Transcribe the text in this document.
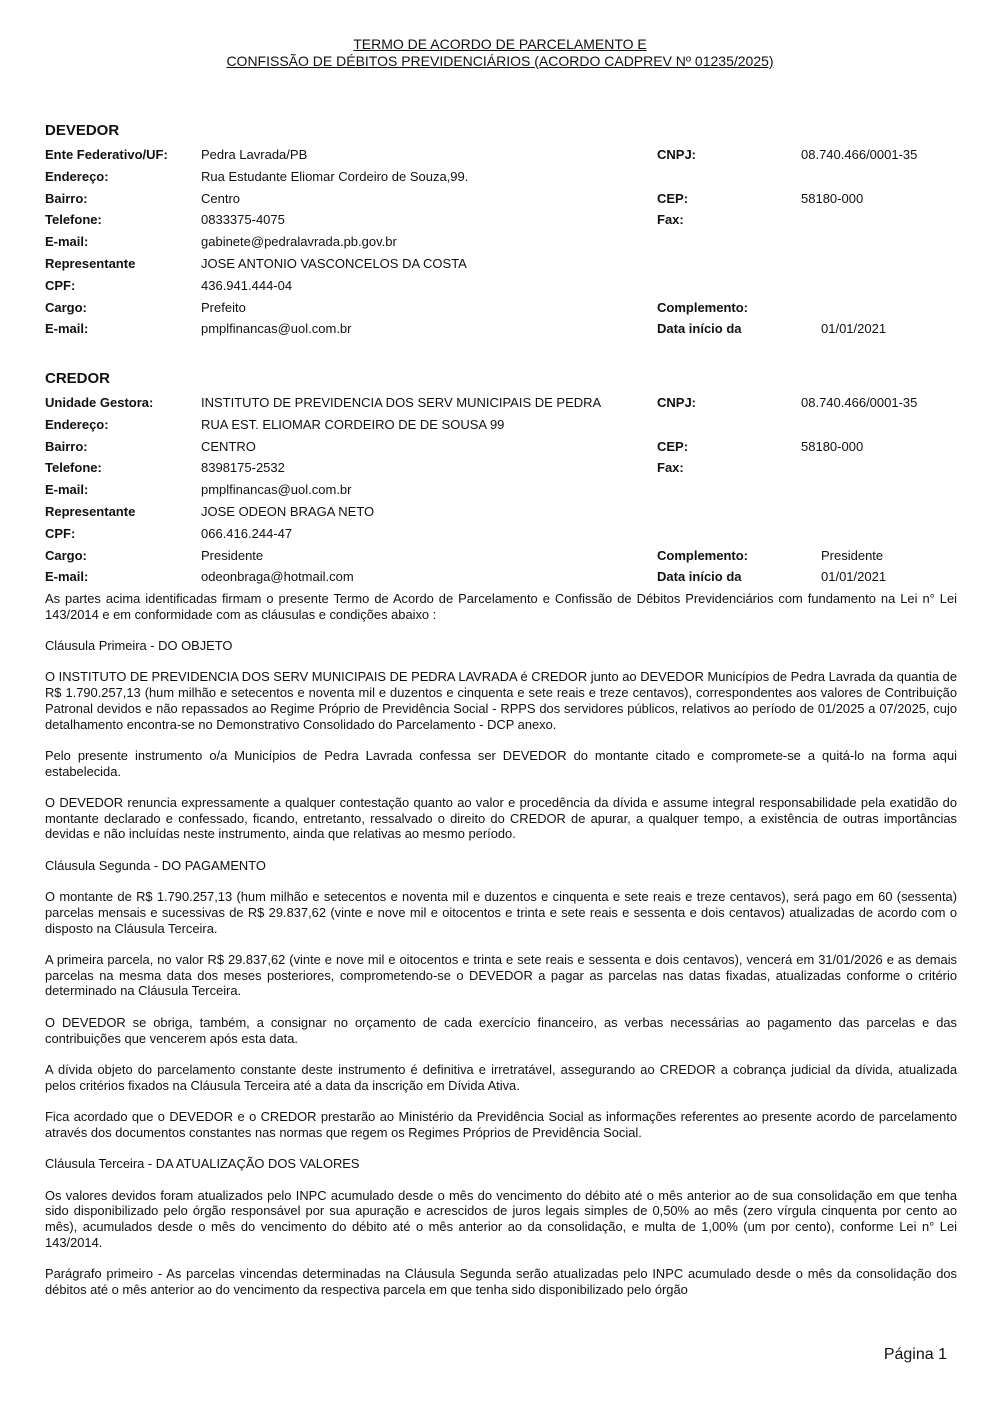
TERMO DE ACORDO DE PARCELAMENTO E
CONFISSÃO DE DÉBITOS PREVIDENCIÁRIOS (ACORDO CADPREV Nº 01235/2025)
DEVEDOR
Ente Federativo/UF:	Pedra Lavrada/PB	CNPJ:	08.740.466/0001-35
Endereço:	Rua Estudante Eliomar Cordeiro de Souza,99.
Bairro:	Centro	CEP:	58180-000
Telefone:	0833375-4075	Fax:
E-mail:	gabinete@pedralavrada.pb.gov.br
Representante	JOSE ANTONIO VASCONCELOS DA COSTA
CPF:	436.941.444-04
Cargo:	Prefeito	Complemento:
E-mail:	pmplfinancas@uol.com.br	Data início da	01/01/2021
CREDOR
Unidade Gestora:	INSTITUTO DE PREVIDENCIA DOS SERV MUNICIPAIS DE PEDRA	CNPJ:	08.740.466/0001-35
Endereço:	RUA EST. ELIOMAR CORDEIRO DE DE SOUSA 99
Bairro:	CENTRO	CEP:	58180-000
Telefone:	8398175-2532	Fax:
E-mail:	pmplfinancas@uol.com.br
Representante	JOSE ODEON BRAGA NETO
CPF:	066.416.244-47
Cargo:	Presidente	Complemento:	Presidente
E-mail:	odeonbraga@hotmail.com	Data início da	01/01/2021

As partes acima identificadas firmam o presente Termo de Acordo de Parcelamento e Confissão de Débitos Previdenciários com fundamento na Lei n° Lei 143/2014 e em conformidade com as cláusulas e condições abaixo :

Cláusula Primeira - DO OBJETO

O INSTITUTO DE PREVIDENCIA DOS SERV MUNICIPAIS DE PEDRA LAVRADA é CREDOR junto ao DEVEDOR Municípios de Pedra Lavrada da quantia de R$ 1.790.257,13 (hum milhão e setecentos e noventa mil e duzentos e cinquenta e sete reais e treze centavos), correspondentes aos valores de Contribuição Patronal devidos e não repassados ao Regime Próprio de Previdência Social - RPPS dos servidores públicos, relativos ao período de 01/2025 a 07/2025, cujo detalhamento encontra-se no Demonstrativo Consolidado do Parcelamento - DCP anexo.

Pelo presente instrumento o/a Municípios de Pedra Lavrada confessa ser DEVEDOR do montante citado e compromete-se a quitá-lo na forma aqui estabelecida.

O DEVEDOR renuncia expressamente a qualquer contestação quanto ao valor e procedência da dívida e assume integral responsabilidade pela exatidão do montante declarado e confessado, ficando, entretanto, ressalvado o direito do CREDOR de apurar, a qualquer tempo, a existência de outras importâncias devidas e não incluídas neste instrumento, ainda que relativas ao mesmo período.

Cláusula Segunda - DO PAGAMENTO

O montante de R$ 1.790.257,13 (hum milhão e setecentos e noventa mil e duzentos e cinquenta e sete reais e treze centavos), será pago em 60 (sessenta) parcelas mensais e sucessivas de R$ 29.837,62 (vinte e nove mil e oitocentos e trinta e sete reais e sessenta e dois centavos) atualizadas de acordo com o disposto na Cláusula Terceira.

A primeira parcela, no valor R$ 29.837,62 (vinte e nove mil e oitocentos e trinta e sete reais e sessenta e dois centavos), vencerá em 31/01/2026 e as demais parcelas na mesma data dos meses posteriores, comprometendo-se o DEVEDOR a pagar as parcelas nas datas fixadas, atualizadas conforme o critério determinado na Cláusula Terceira.

O DEVEDOR se obriga, também, a consignar no orçamento de cada exercício financeiro, as verbas necessárias ao pagamento das parcelas e das contribuições que vencerem após esta data.

A dívida objeto do parcelamento constante deste instrumento é definitiva e irretratável, assegurando ao CREDOR a cobrança judicial da dívida, atualizada pelos critérios fixados na Cláusula Terceira até a data da inscrição em Dívida Ativa.

Fica acordado que o DEVEDOR e o CREDOR prestarão ao Ministério da Previdência Social as informações referentes ao presente acordo de parcelamento através dos documentos constantes nas normas que regem os Regimes Próprios de Previdência Social.

Cláusula Terceira - DA ATUALIZAÇÃO DOS VALORES

Os valores devidos foram atualizados pelo INPC acumulado desde o mês do vencimento do débito até o mês anterior ao de sua consolidação em que tenha sido disponibilizado pelo órgão responsável por sua apuração e acrescidos de juros legais simples de 0,50% ao mês (zero vírgula cinquenta por cento ao mês), acumulados desde o mês do vencimento do débito até o mês anterior ao da consolidação, e multa de 1,00% (um por cento), conforme Lei n° Lei 143/2014.

Parágrafo primeiro - As parcelas vincendas determinadas na Cláusula Segunda serão atualizadas pelo INPC acumulado desde o mês da consolidação dos débitos até o mês anterior ao do vencimento da respectiva parcela em que tenha sido disponibilizado pelo órgão

Página 1
